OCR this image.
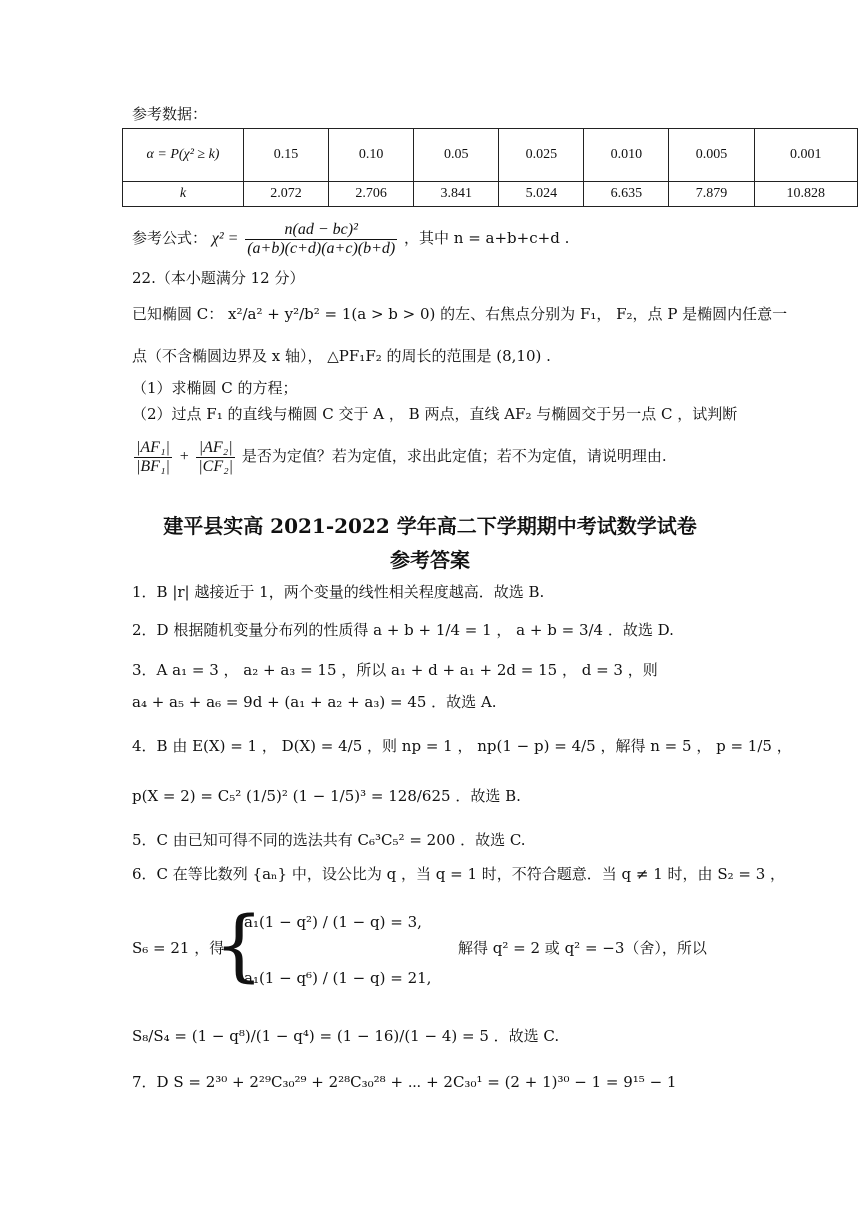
参考数据：
α = P(χ² ≥ k)	0.15	0.10	0.05	0.025	0.010	0.005	0.001
k	2.072	2.706	3.841	5.024	6.635	7.879	10.828
参考公式： $\chi^2 = \frac{\text{n(ad − bc)²}}{(a+b)(c+d)(a+c)(b+d)}$ ，其中 n = a+b+c+d .
22.（本小题满分 12 分）
已知椭圆 C： x²/a² + y²/b² = 1(a > b > 0) 的左、右焦点分别为 F₁， F₂，点 P 是椭圆内任意一
点（不含椭圆边界及 x 轴）， △PF₁F₂ 的周长的范围是 (8,10) .
（1）求椭圆 C 的方程；
（2）过点 F₁ 的直线与椭圆 C 交于 A ， B 两点，直线 AF₂ 与椭圆交于另一点 C ，试判断
$\frac{\text{|AF₁|}}{\text{|BF₁|}} + \frac{\text{|AF₂|}}{\text{|CF₂|}}$ 是否为定值？若为定值，求出此定值；若不为定值，请说明理由.
建平县实高 2021-2022 学年高二下学期期中考试数学试卷
参考答案
1．B |r| 越接近于 1，两个变量的线性相关程度越高．故选 B.
2．D 根据随机变量分布列的性质得 a + b + 1/4 = 1 ， a + b = 3/4 ．故选 D.
3．A a₁ = 3 ， a₂ + a₃ = 15 ，所以 a₁ + d + a₁ + 2d = 15 ， d = 3 ，则
a₄ + a₅ + a₆ = 9d + (a₁ + a₂ + a₃) = 45 ．故选 A.
4．B 由 E(X) = 1 ， D(X) = 4/5 ，则 np = 1 ， np(1 − p) = 4/5 ，解得 n = 5 ， p = 1/5 ，
p(X = 2) = C₅² (1/5)² (1 − 1/5)³ = 128/625 ．故选 B.
5．C 由已知可得不同的选法共有 C₆³C₅² = 200 ．故选 C.
6．C 在等比数列 {aₙ} 中，设公比为 q ，当 q = 1 时，不符合题意．当 q ≠ 1 时，由 S₂ = 3 ，
S₆ = 21 ，得
{
a₁(1 − q²) / (1 − q) = 3,
a₁(1 − q⁶) / (1 − q) = 21,
解得 q² = 2 或 q² = −3（舍），所以
S₈/S₄ = (1 − q⁸)/(1 − q⁴) = (1 − 16)/(1 − 4) = 5 ．故选 C.
7．D S = 2³⁰ + 2²⁹C₃₀²⁹ + 2²⁸C₃₀²⁸ + ⋯ + 2C₃₀¹ = (2 + 1)³⁰ − 1 = 9¹⁵ − 1
